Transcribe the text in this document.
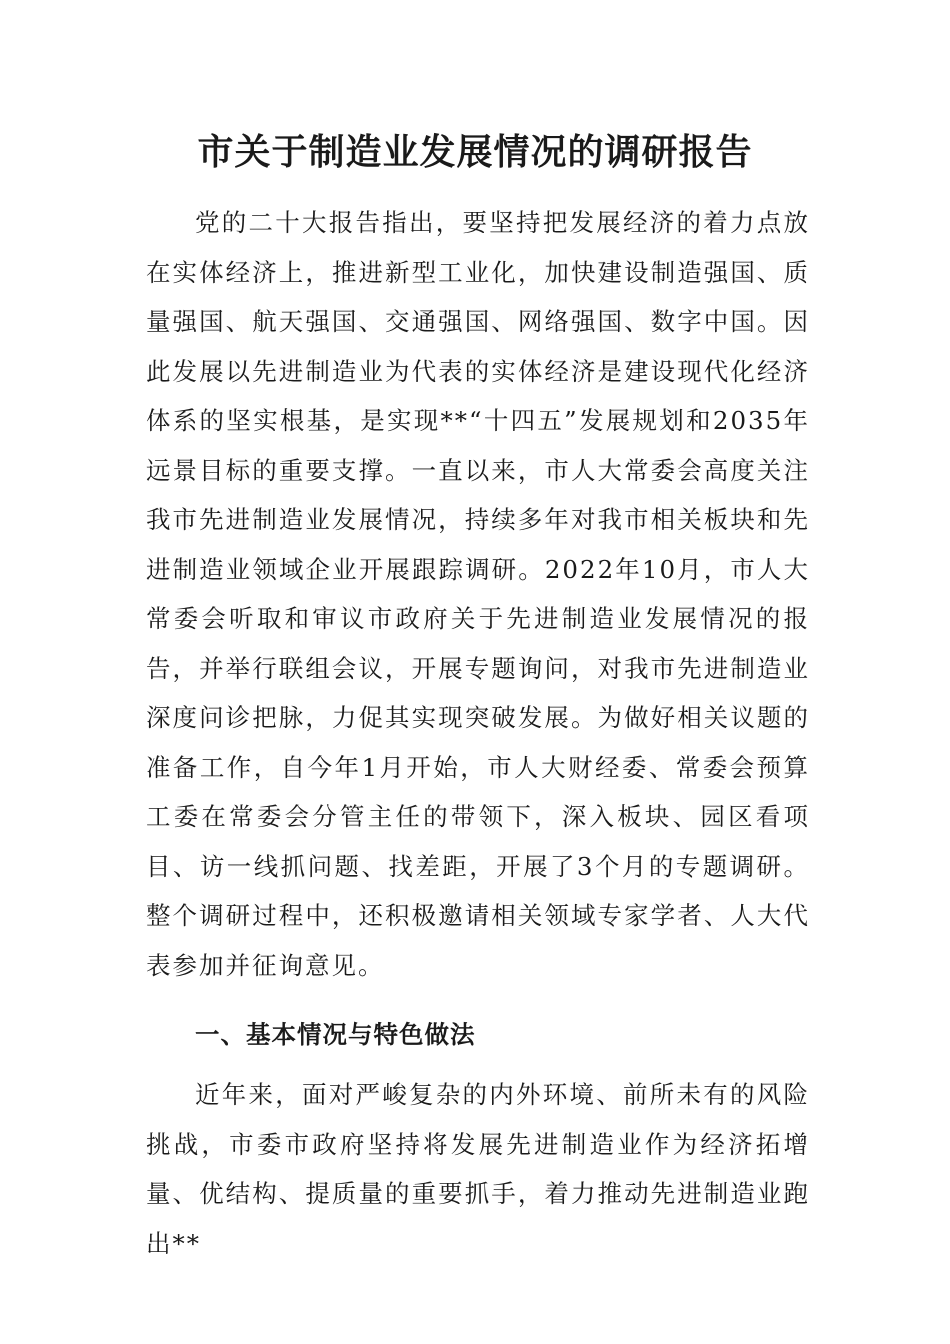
市关于制造业发展情况的调研报告

党的二十大报告指出，要坚持把发展经济的着力点放在实体经济上，推进新型工业化，加快建设制造强国、质量强国、航天强国、交通强国、网络强国、数字中国。因此发展以先进制造业为代表的实体经济是建设现代化经济体系的坚实根基，是实现**“十四五”发展规划和2035年远景目标的重要支撑。一直以来，市人大常委会高度关注我市先进制造业发展情况，持续多年对我市相关板块和先进制造业领域企业开展跟踪调研。2022年10月，市人大常委会听取和审议市政府关于先进制造业发展情况的报告，并举行联组会议，开展专题询问，对我市先进制造业深度问诊把脉，力促其实现突破发展。为做好相关议题的准备工作，自今年1月开始，市人大财经委、常委会预算工委在常委会分管主任的带领下，深入板块、园区看项目、访一线抓问题、找差距，开展了3个月的专题调研。整个调研过程中，还积极邀请相关领域专家学者、人大代表参加并征询意见。

一、基本情况与特色做法

近年来，面对严峻复杂的内外环境、前所未有的风险挑战，市委市政府坚持将发展先进制造业作为经济拓增量、优结构、提质量的重要抓手，着力推动先进制造业跑出**
